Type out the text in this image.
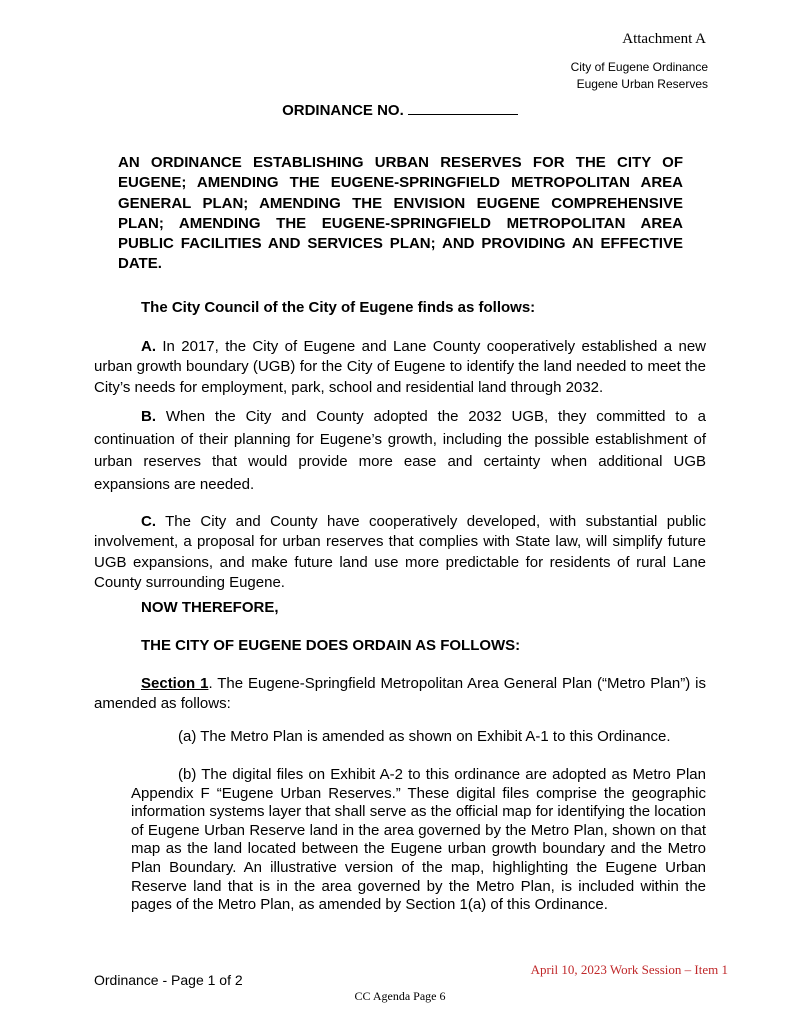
Attachment A
City of Eugene Ordinance
Eugene Urban Reserves
ORDINANCE NO.
AN ORDINANCE ESTABLISHING URBAN RESERVES FOR THE CITY OF EUGENE; AMENDING THE EUGENE-SPRINGFIELD METROPOLITAN AREA GENERAL PLAN; AMENDING THE ENVISION EUGENE COMPREHENSIVE PLAN; AMENDING THE EUGENE-SPRINGFIELD METROPOLITAN AREA PUBLIC FACILITIES AND SERVICES PLAN; AND PROVIDING AN EFFECTIVE DATE.
The City Council of the City of Eugene finds as follows:

A. In 2017, the City of Eugene and Lane County cooperatively established a new urban growth boundary (UGB) for the City of Eugene to identify the land needed to meet the City’s needs for employment, park, school and residential land through 2032.

B. When the City and County adopted the 2032 UGB, they committed to a continuation of their planning for Eugene’s growth, including the possible establishment of urban reserves that would provide more ease and certainty when additional UGB expansions are needed.

C. The City and County have cooperatively developed, with substantial public involvement, a proposal for urban reserves that complies with State law, will simplify future UGB expansions, and make future land use more predictable for residents of rural Lane County surrounding Eugene.

NOW THEREFORE,
THE CITY OF EUGENE DOES ORDAIN AS FOLLOWS:

Section 1. The Eugene-Springfield Metropolitan Area General Plan (“Metro Plan”) is amended as follows:

(a) The Metro Plan is amended as shown on Exhibit A-1 to this Ordinance.

(b) The digital files on Exhibit A-2 to this ordinance are adopted as Metro Plan Appendix F “Eugene Urban Reserves.” These digital files comprise the geographic information systems layer that shall serve as the official map for identifying the location of Eugene Urban Reserve land in the area governed by the Metro Plan, shown on that map as the land located between the Eugene urban growth boundary and the Metro Plan Boundary. An illustrative version of the map, highlighting the Eugene Urban Reserve land that is in the area governed by the Metro Plan, is included within the pages of the Metro Plan, as amended by Section 1(a) of this Ordinance.

Ordinance - Page 1 of 2
April 10, 2023 Work Session – Item 1
CC Agenda Page 6
